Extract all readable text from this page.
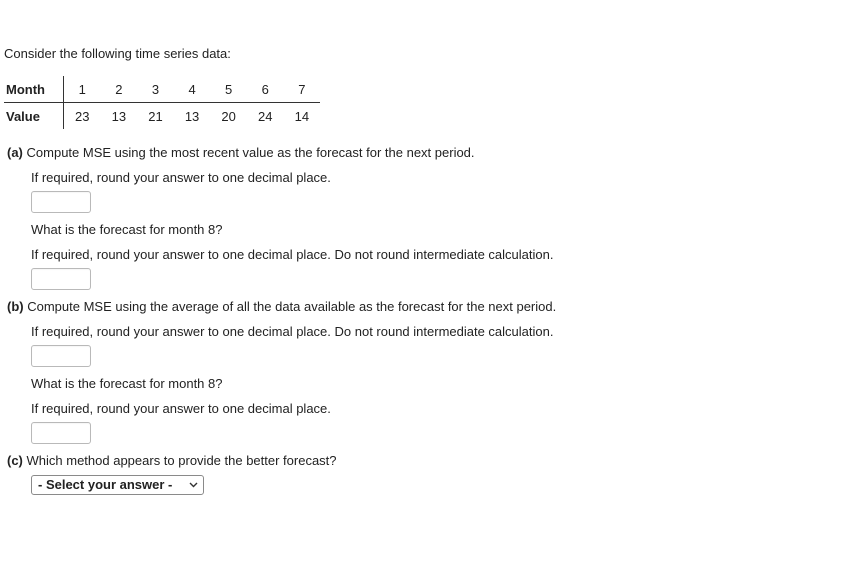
Consider the following time series data:
Month	1	2	3	4	5	6	7
Value	23	13	21	13	20	24	14
(a) Compute MSE using the most recent value as the forecast for the next period.
If required, round your answer to one decimal place.
What is the forecast for month 8?
If required, round your answer to one decimal place. Do not round intermediate calculation.
(b) Compute MSE using the average of all the data available as the forecast for the next period.
If required, round your answer to one decimal place. Do not round intermediate calculation.
What is the forecast for month 8?
If required, round your answer to one decimal place.
(c) Which method appears to provide the better forecast?
- Select your answer -
